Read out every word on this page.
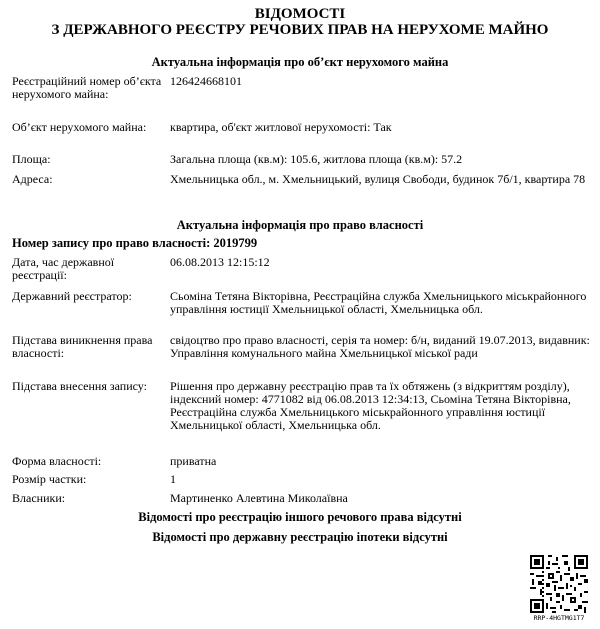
ВІДОМОСТІ
З ДЕРЖАВНОГО РЕЄСТРУ РЕЧОВИХ ПРАВ НА НЕРУХОМЕ МАЙНО
Актуальна інформація про об’єкт нерухомого майна
Реєстраційний номер об’єкта нерухомого майна:
126424668101
Об’єкт нерухомого майна:	квартира, об'єкт житлової нерухомості: Так
Площа:	Загальна площа (кв.м): 105.6, житлова площа (кв.м): 57.2
Адреса:	Хмельницька обл., м. Хмельницький, вулиця Свободи, будинок 7б/1, квартира 78
Актуальна інформація про право власності
Номер запису про право власності: 2019799
Дата, час державної реєстрації:
06.08.2013 12:15:12
Державний реєстратор:	Сьоміна Тетяна Вікторівна, Реєстраційна служба Хмельницького міськрайонного управління юстиції Хмельницької області, Хмельницька обл.
Підстава виникнення права власності:
свідоцтво про право власності, серія та номер: б/н, виданий 19.07.2013, видавник: Управління комунального майна Хмельницької міської ради
Підстава внесення запису:	Рішення про державну реєстрацію прав та їх обтяжень (з відкриттям розділу), індексний номер: 4771082 від 06.08.2013 12:34:13, Сьоміна Тетяна Вікторівна, Реєстраційна служба Хмельницького міськрайонного управління юстиції Хмельницької області, Хмельницька обл.
Форма власності:	приватна
Розмір частки:	1
Власники:	Мартиненко Алевтина Миколаївна
Відомості про реєстрацію іншого речового права відсутні
Відомості про державну реєстрацію іпотеки відсутні
RRP-4HGTMG1T7
